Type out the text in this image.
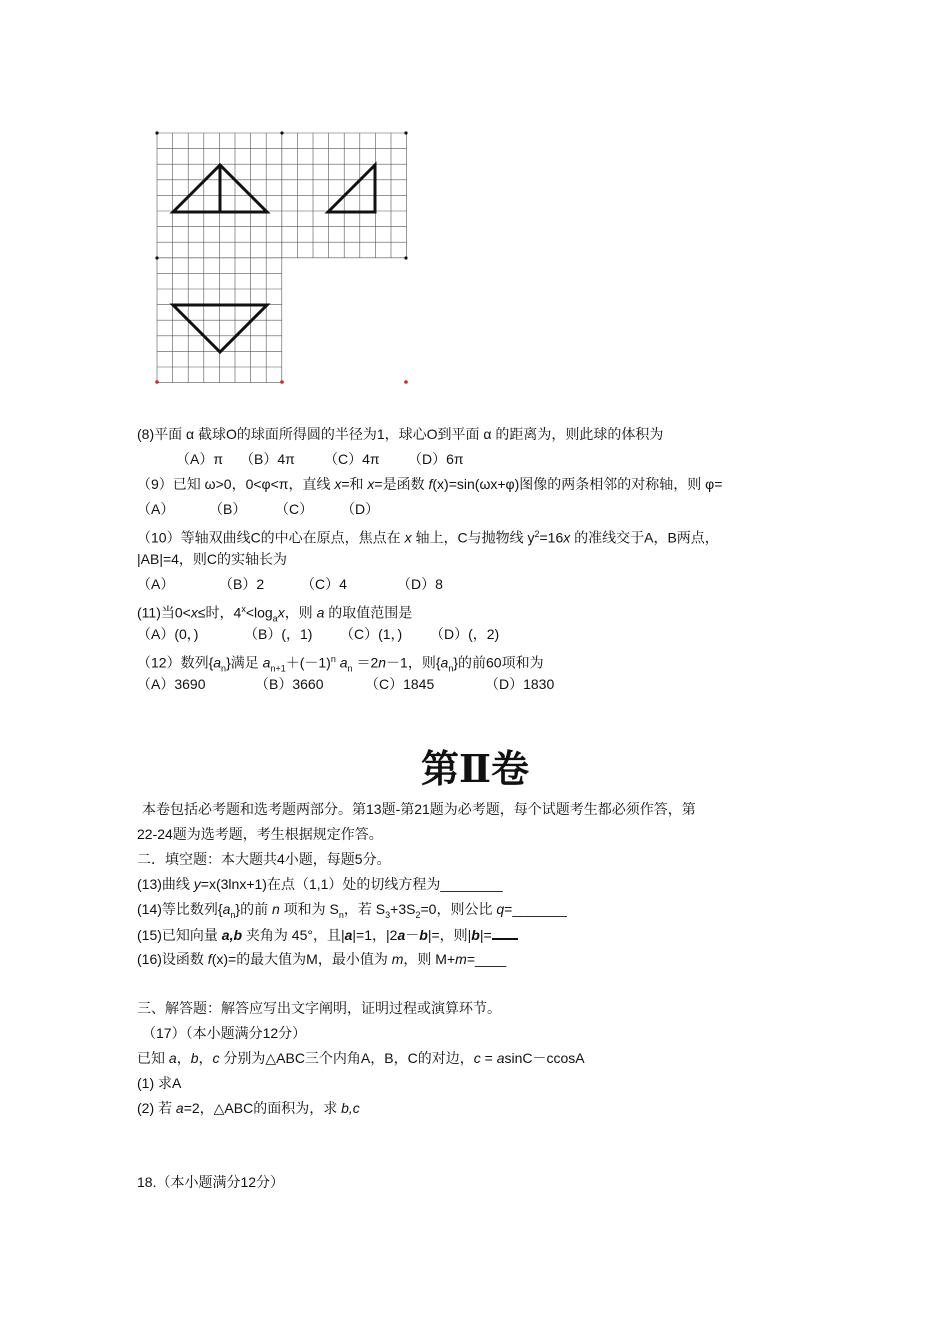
(8)平面 α 截球O的球面所得圆的半径为1，球心O到平面 α 的距离为，则此球的体积为
（A）π （B）4π （C）4π （D）6π
（9）已知 ω>0，0<φ<π，直线 x=和 x=是函数 f(x)=sin(ωx+φ)图像的两条相邻的对称轴，则 φ=
（A） （B） （C） （D）
（10）等轴双曲线C的中心在原点，焦点在 x 轴上，C与抛物线 $y^2=16x$ 的准线交于A，B两点，
|AB|=4，则C的实轴长为
（A）	（B）2	（C）4	（D）8
(11)当0<x≤时，$4^x<\log_ax$，则 a 的取值范围是
（A）(0，)	（B）(，1) （C）(1，) （D）(，2)
（12）数列$\{a_n\}$满足 $a_{n+1}+(-1)^n$ $a_n =2n-1$，则$\{a_n\}$的前60项和为
（A）3690	（B）3660	（C）1845	（D）1830
第Ⅱ卷
本卷包括必考题和选考题两部分。第13题-第21题为必考题，每个试题考生都必须作答，第
22-24题为选考题，考生根据规定作答。
二．填空题：本大题共4小题，每题5分。
(13)曲线 y=x(3lnx+1)在点（1,1）处的切线方程为________
(14)等比数列$\{a_n\}$的前 n 项和为 $S_n$，若 $S_3+3S_2=0$，则公比 q=_______
(15)已知向量 a,b 夹角为 45°，且|a|=1，|2a－b|=，则|b|=
(16)设函数 f(x)=的最大值为M，最小值为 m，则 M+m=____
三、解答题：解答应写出文字阐明，证明过程或演算环节。
（17）（本小题满分12分）
已知 a，b，c 分别为△ABC三个内角A，B，C的对边，c = asinC－ccosA
(1) 求A
(2) 若 a=2，△ABC的面积为，求 b,c
18.（本小题满分12分）
